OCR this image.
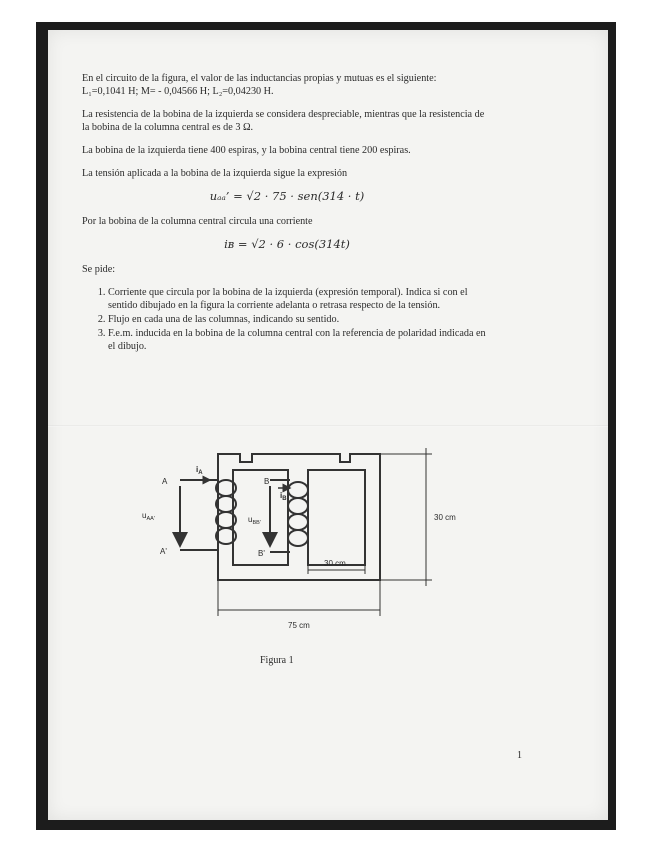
En el circuito de la figura, el valor de las inductancias propias y mutuas es el siguiente:
L₁=0,1041 H; M= - 0,04566 H; L₂=0,04230 H.

La resistencia de la bobina de la izquierda se considera despreciable, mientras que la resistencia de la bobina de la columna central es de 3 Ω.

La bobina de la izquierda tiene 400 espiras, y la bobina central tiene 200 espiras.

La tensión aplicada a la bobina de la izquierda sigue la expresión

uₐₐ’ = √2 · 75 · sen(314 · t)

Por la bobina de la columna central circula una corriente

iʙ = √2 · 6 · cos(314t)

Se pide:

1. Corriente que circula por la bobina de la izquierda (expresión temporal). Indica si con el sentido dibujado en la figura la corriente adelanta o retrasa respecto de la tensión.
2. Flujo en cada una de las columnas, indicando su sentido.
3. F.e.m. inducida en la bobina de la columna central con la referencia de polaridad indicada en el dibujo.
A
A'
B
B'
$i_A$
$i_B$
$u_{AA'}$	$u_{BB'}$
30 cm
30 cm
75 cm
Figura 1
1
